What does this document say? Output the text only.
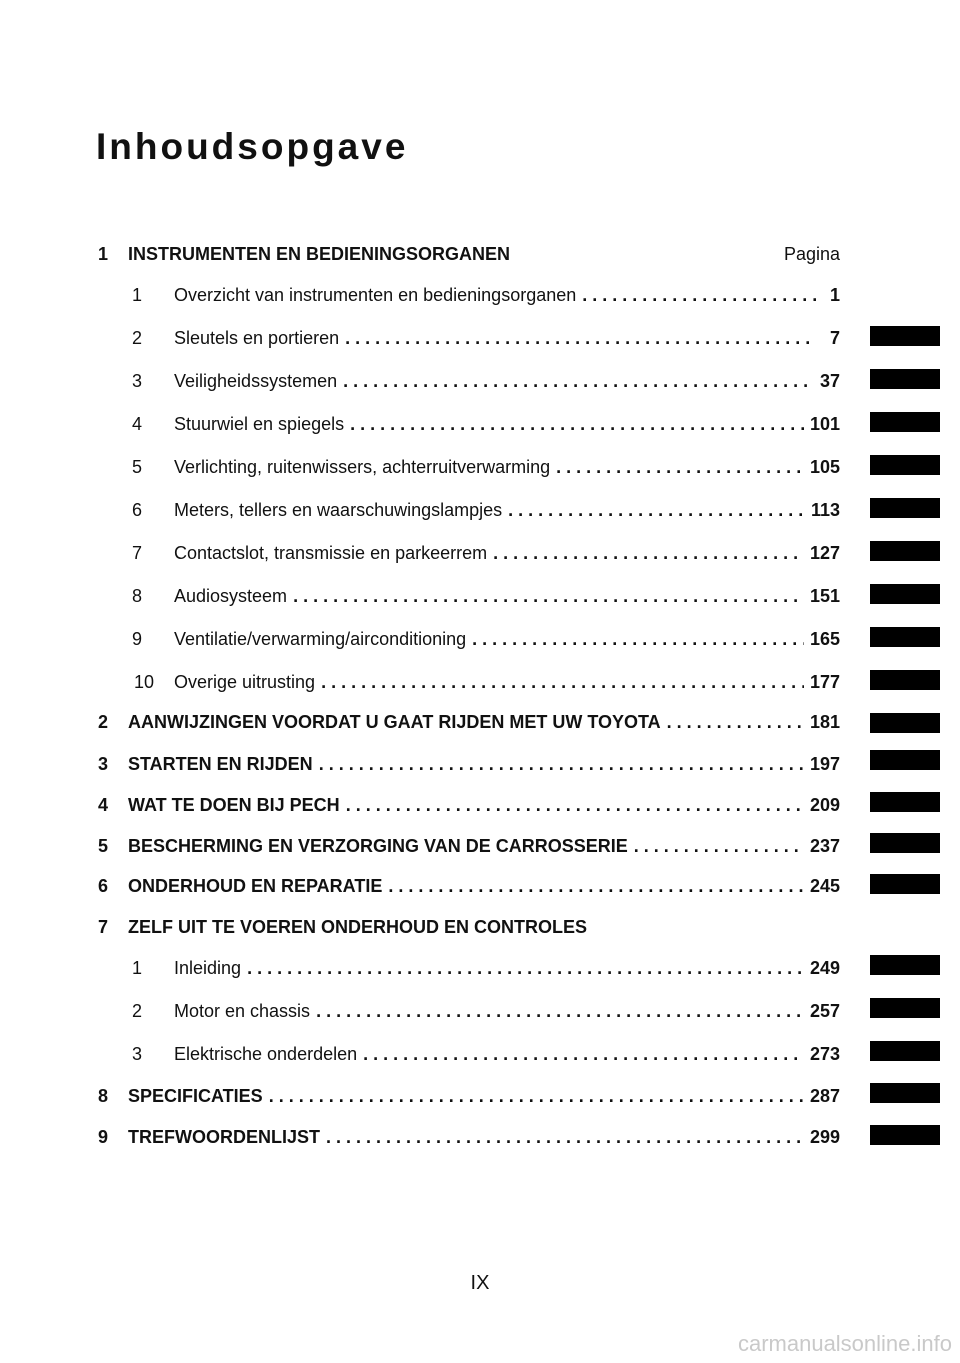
Inhoudsopgave
1	INSTRUMENTEN EN BEDIENINGSORGANEN	Pagina
1	Overzicht van instrumenten en bedieningsorganen . . .	1
2	Sleutels en portieren . . .	7
3	Veiligheidssystemen . . .	37
4	Stuurwiel en spiegels . . .	101
5	Verlichting, ruitenwissers, achterruitverwarming . . .	105
6	Meters, tellers en waarschuwingslampjes . . .	113
7	Contactslot, transmissie en parkeerrem . . .	127
8	Audiosysteem . . .	151
9	Ventilatie/verwarming/airconditioning . . .	165
10	Overige uitrusting . . .	177
2	AANWIJZINGEN VOORDAT U GAAT RIJDEN MET UW TOYOTA . . .	181
3	STARTEN EN RIJDEN . . .	197
4	WAT TE DOEN BIJ PECH . . .	209
5	BESCHERMING EN VERZORGING VAN DE CARROSSERIE . . .	237
6	ONDERHOUD EN REPARATIE . . .	245
7	ZELF UIT TE VOEREN ONDERHOUD EN CONTROLES
1	Inleiding . . .	249
2	Motor en chassis . . .	257
3	Elektrische onderdelen . . .	273
8	SPECIFICATIES . . .	287
9	TREFWOORDENLIJST . . .	299
IX
carmanualsonline.info
